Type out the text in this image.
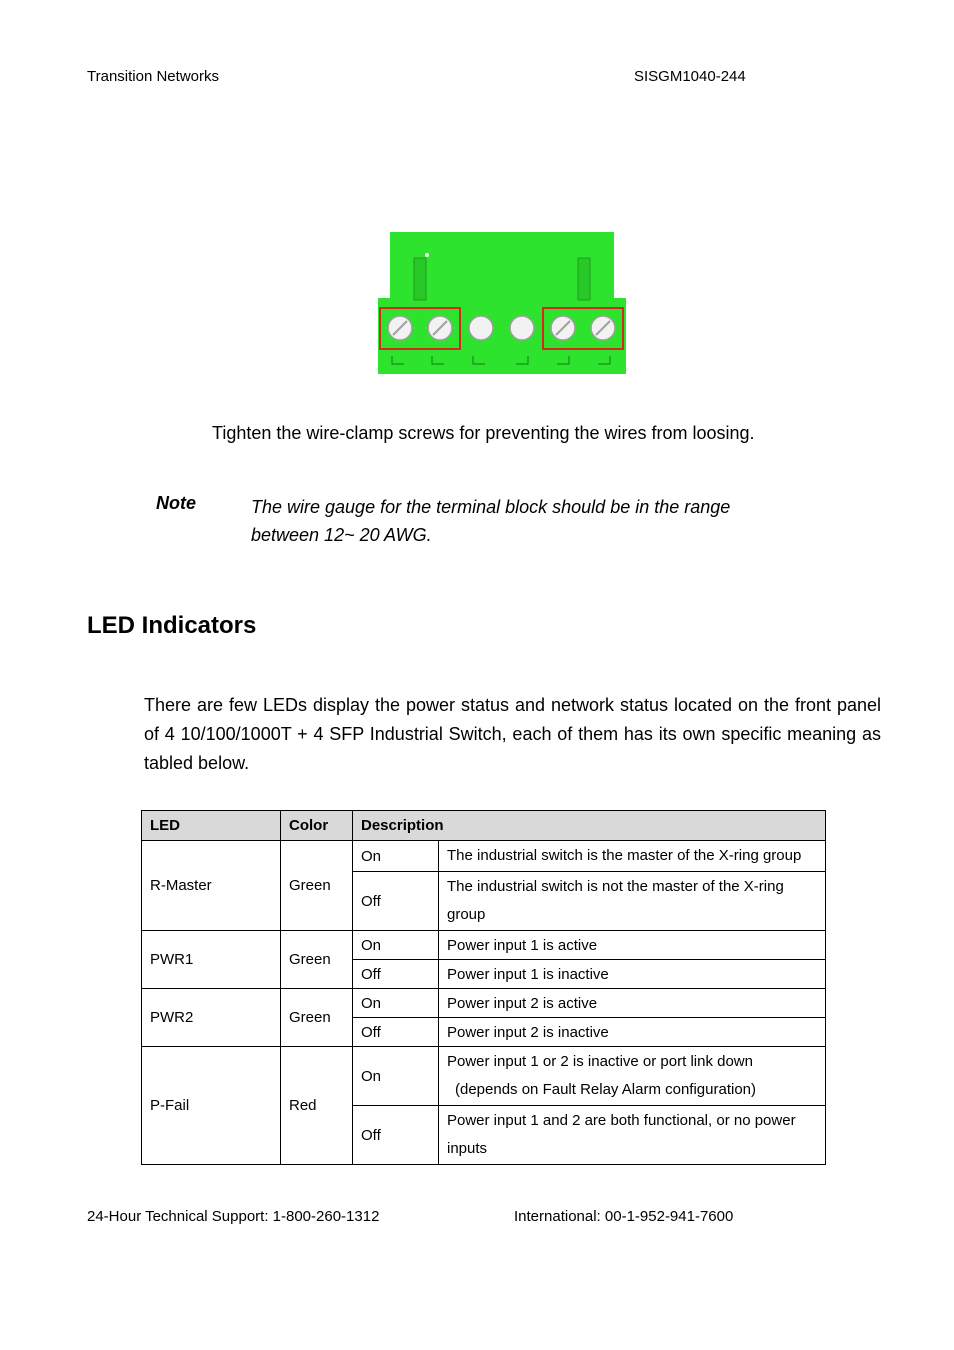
Transition Networks	SISGM1040-244
Tighten the wire-clamp screws for preventing the wires from loosing.
Note	The wire gauge for the terminal block should be in the range
between 12~ 20 AWG.
LED Indicators
There are few LEDs display the power status and network status located on the front panel of 4 10/100/1000T + 4 SFP Industrial Switch, each of them has its own specific meaning as tabled below.
LED	Color	Description	
R-Master	Green	On	The industrial switch is the master of the X-ring group
		Off	The industrial switch is not the master of the X-ring group
PWR1	Green	On	Power input 1 is active
		Off	Power input 1 is inactive
PWR2	Green	On	Power input 2 is active
		Off	Power input 2 is inactive
P-Fail	Red	On	Power input 1 or 2 is inactive or port link down
(depends on Fault Relay Alarm configuration)

		Off	Power input 1 and 2 are both functional, or no power inputs
24-Hour Technical Support: 1-800-260-1312	International: 00-1-952-941-7600
